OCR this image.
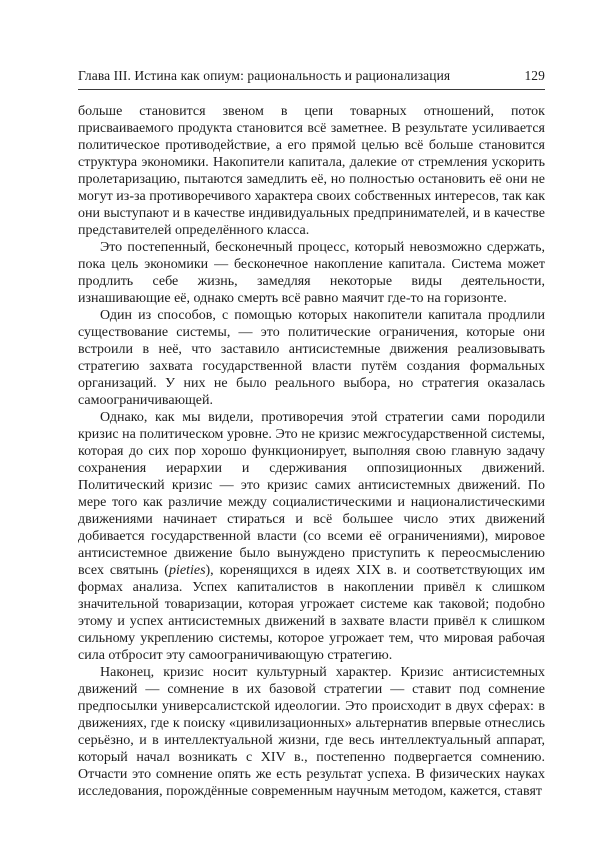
Глава III. Истина как опиум: рациональность и рационализация	129

больше становится звеном в цепи товарных отношений, поток присваиваемого продукта становится всё заметнее. В результате усиливается политическое противодействие, а его прямой целью всё больше становится структура экономики. Накопители капитала, далекие от стремления ускорить пролетаризацию, пытаются замедлить её, но полностью остановить её они не могут из-за противоречивого характера своих собственных интересов, так как они выступают и в качестве индивидуальных предпринимателей, и в качестве представителей определённого класса.

Это постепенный, бесконечный процесс, который невозможно сдержать, пока цель экономики — бесконечное накопление капитала. Система может продлить себе жизнь, замедляя некоторые виды деятельности, изнашивающие её, однако смерть всё равно маячит где-то на горизонте.

Один из способов, с помощью которых накопители капитала продлили существование системы, — это политические ограничения, которые они встроили в неё, что заставило антисистемные движения реализовывать стратегию захвата государственной власти путём создания формальных организаций. У них не было реального выбора, но стратегия оказалась самоограничивающей.

Однако, как мы видели, противоречия этой стратегии сами породили кризис на политическом уровне. Это не кризис межгосударственной системы, которая до сих пор хорошо функционирует, выполняя свою главную задачу сохранения иерархии и сдерживания оппозиционных движений. Политический кризис — это кризис самих антисистемных движений. По мере того как различие между социалистическими и националистическими движениями начинает стираться и всё большее число этих движений добивается государственной власти (со всеми её ограничениями), мировое антисистемное движение было вынуждено приступить к переосмыслению всех святынь (pieties), коренящихся в идеях XIX в. и соответствующих им формах анализа. Успех капиталистов в накоплении привёл к слишком значительной товаризации, которая угрожает системе как таковой; подобно этому и успех антисистемных движений в захвате власти привёл к слишком сильному укреплению системы, которое угрожает тем, что мировая рабочая сила отбросит эту самоограничивающую стратегию.

Наконец, кризис носит культурный характер. Кризис антисистемных движений — сомнение в их базовой стратегии — ставит под сомнение предпосылки универсалистской идеологии. Это происходит в двух сферах: в движениях, где к поиску «цивилизационных» альтернатив впервые отнеслись серьёзно, и в интеллектуальной жизни, где весь интеллектуальный аппарат, который начал возникать с XIV в., постепенно подвергается сомнению. Отчасти это сомнение опять же есть результат успеха. В физических науках исследования, порождённые современным научным методом, кажется, ставят
